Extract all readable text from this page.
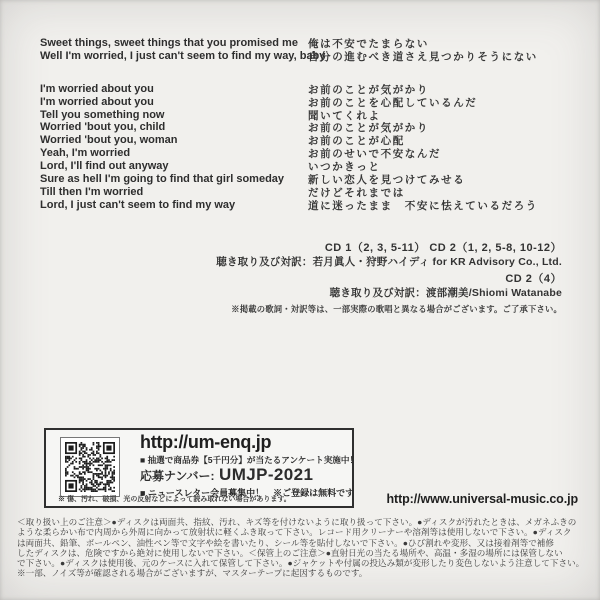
Sweet things, sweet things that you promised me
Well I'm worried, I just can't seem to find my way, baby
I'm worried about you
I'm worried about you
Tell you something now
Worried 'bout you, child
Worried 'bout you, woman
Yeah, I'm worried
Lord, I'll find out anyway
Sure as hell I'm going to find that girl someday
Till then I'm worried
Lord, I just can't seem to find my way
俺は不安でたまらない
自分の進むべき道さえ見つかりそうにない
お前のことが気がかり
お前のことを心配しているんだ
聞いてくれよ
お前のことが気がかり
お前のことが心配
お前のせいで不安なんだ
いつかきっと
新しい恋人を見つけてみせる
だけどそれまでは
道に迷ったまま　不安に怯えているだろう
CD 1（2, 3, 5-11） CD 2（1, 2, 5-8, 10-12）
聴き取り及び対訳：若月眞人・狩野ハイディ for KR Advisory Co., Ltd.
CD 2（4）
聴き取り及び対訳：渡部潮美/Shiomi Watanabe
※掲載の歌詞・対訳等は、一部実際の歌唱と異なる場合がございます。ご了承下さい。
http://um-enq.jp
■ 抽選で商品券【5千円分】が当たるアンケート実施中！
応募ナンバー: UMJP-2021
■ ニュースレター会員募集中！　※ご登録は無料です
※ 傷、汚れ、破損、光の反射などによって読み取れない場合があります。	http://www.universal-music.co.jp
＜取り扱い上のご注意＞●ディスクは両面共、指紋、汚れ、キズ等を付けないように取り扱って下さい。●ディスクが汚れたときは、メガネふきの
ような柔らかい布で内周から外周に向かって放射状に軽くふき取って下さい。レコード用クリーナーや溶剤等は使用しないで下さい。●ディスク
は両面共、鉛筆、ボールペン、油性ペン等で文字や絵を書いたり、シール等を貼付しないで下さい。●ひび割れや変形、又は接着剤等で補修
したディスクは、危険ですから絶対に使用しないで下さい。＜保管上のご注意＞●直射日光の当たる場所や、高温・多湿の場所には保管しない
で下さい。●ディスクは使用後、元のケースに入れて保管して下さい。●ジャケットや付属の投込み類が変形したり変色しないよう注意して下さい。
※一部、ノイズ等が確認される場合がございますが、マスターテープに起因するものです。
